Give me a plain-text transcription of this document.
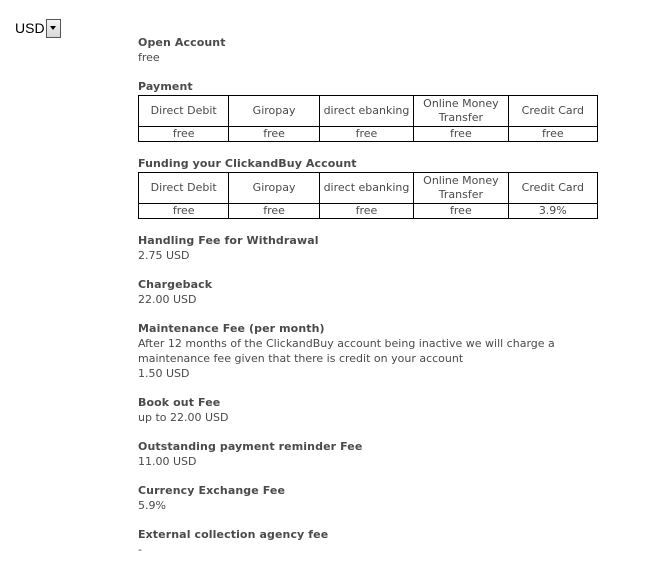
USD
Open Account
free
Payment
Direct Debit	Giropay	direct ebanking	Online Money Transfer	Credit Card
free	free	free	free	free
Funding your ClickandBuy Account
Direct Debit	Giropay	direct ebanking	Online Money Transfer	Credit Card
free	free	free	free	3.9%
Handling Fee for Withdrawal
2.75 USD
Chargeback
22.00 USD
Maintenance Fee (per month)
After 12 months of the ClickandBuy account being inactive we will charge a maintenance fee given that there is credit on your account
1.50 USD
Book out Fee
up to 22.00 USD
Outstanding payment reminder Fee
11.00 USD
Currency Exchange Fee
5.9%
External collection agency fee
-
